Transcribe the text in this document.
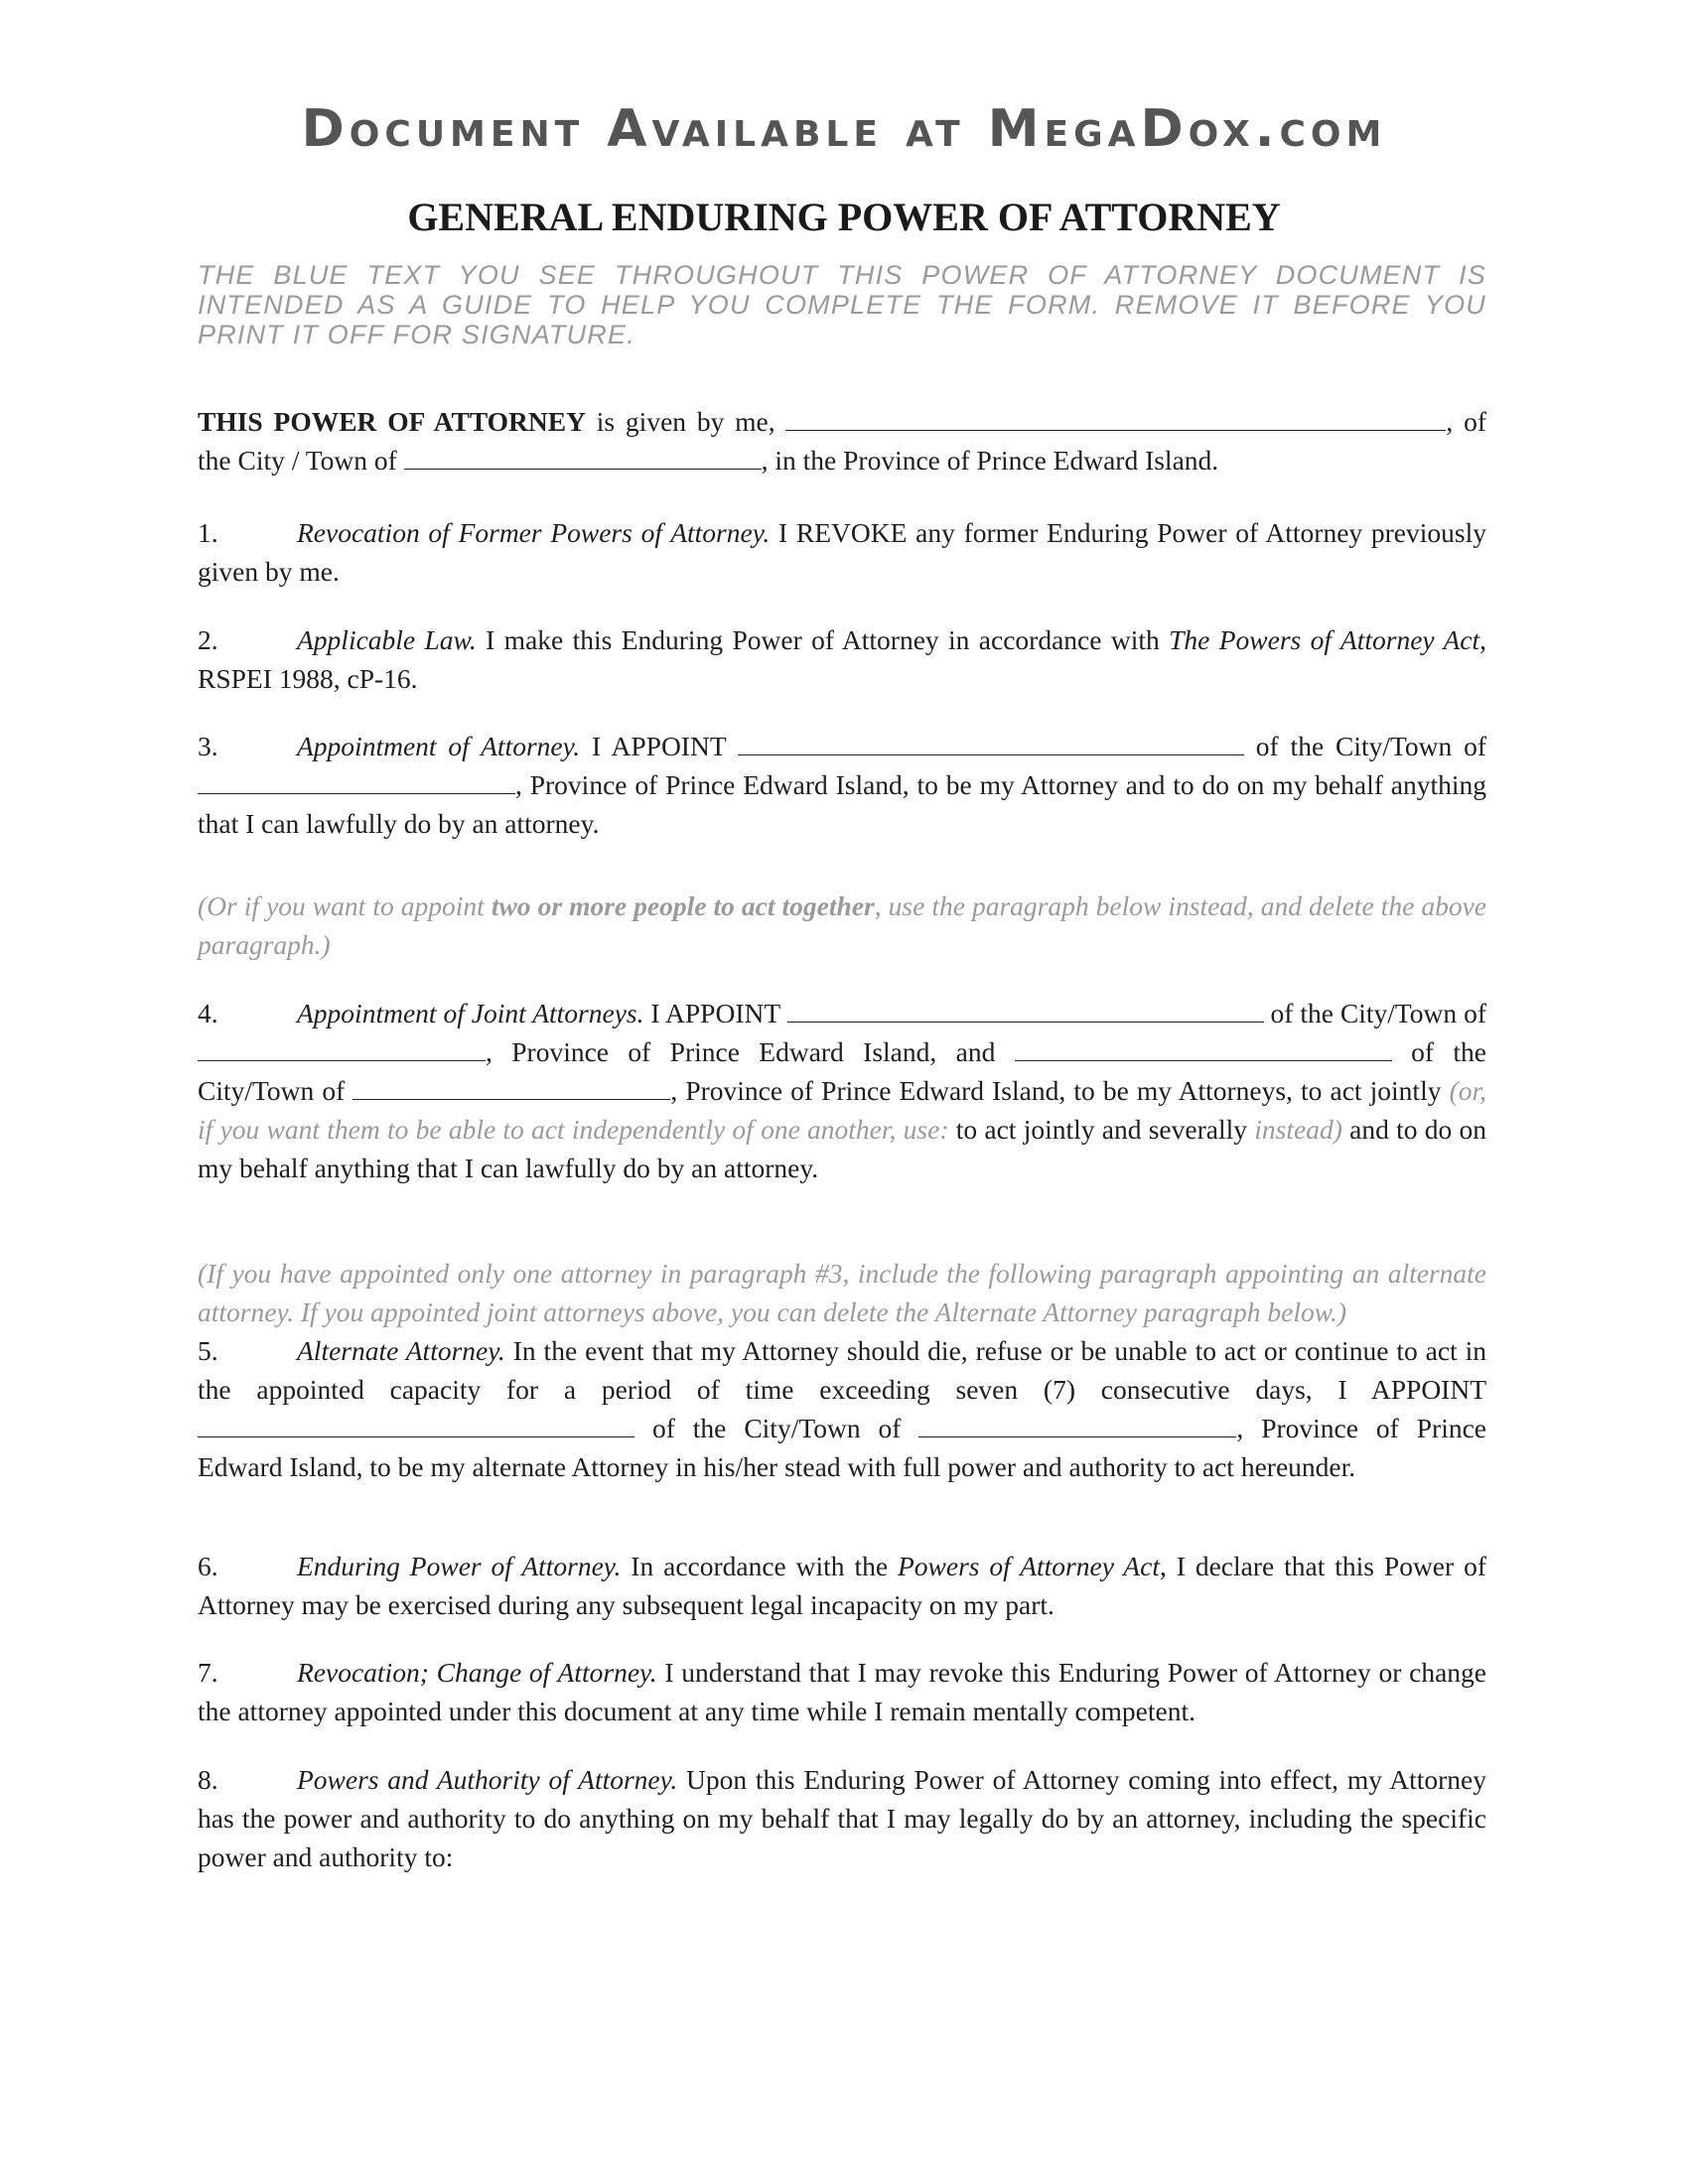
Document Available at MegaDox.com
GENERAL ENDURING POWER OF ATTORNEY
THE BLUE TEXT YOU SEE THROUGHOUT THIS POWER OF ATTORNEY DOCUMENT IS INTENDED AS A GUIDE TO HELP YOU COMPLETE THE FORM. REMOVE IT BEFORE YOU PRINT IT OFF FOR SIGNATURE.

THIS POWER OF ATTORNEY is given by me,	, of the City / Town of	, in the Province of Prince Edward Island.

1.	Revocation of Former Powers of Attorney. I REVOKE any former Enduring Power of Attorney previously given by me.

2.	Applicable Law. I make this Enduring Power of Attorney in accordance with The Powers of Attorney Act, RSPEI 1988, cP-16.

3.	Appointment of Attorney. I APPOINT	of the City/Town of , Province of Prince Edward Island, to be my Attorney and to do on my behalf anything that I can lawfully do by an attorney.

(Or if you want to appoint two or more people to act together, use the paragraph below instead, and delete the above paragraph.)

4.	Appointment of Joint Attorneys. I APPOINT	of the City/Town of , Province of Prince Edward Island, and	of the City/Town of	, Province of Prince Edward Island, to be my Attorneys, to act jointly (or, if you want them to be able to act independently of one another, use: to act jointly and severally instead) and to do on my behalf anything that I can lawfully do by an attorney.

(If you have appointed only one attorney in paragraph #3, include the following paragraph appointing an alternate attorney. If you appointed joint attorneys above, you can delete the Alternate Attorney paragraph below.)

5.	Alternate Attorney. In the event that my Attorney should die, refuse or be unable to act or continue to act in the appointed capacity for a period of time exceeding seven (7) consecutive days, I APPOINT  of the City/Town of	, Province of Prince Edward Island, to be my alternate Attorney in his/her stead with full power and authority to act hereunder.

6.	Enduring Power of Attorney. In accordance with the Powers of Attorney Act, I declare that this Power of Attorney may be exercised during any subsequent legal incapacity on my part.

7.	Revocation; Change of Attorney. I understand that I may revoke this Enduring Power of Attorney or change the attorney appointed under this document at any time while I remain mentally competent.

8.	Powers and Authority of Attorney. Upon this Enduring Power of Attorney coming into effect, my Attorney has the power and authority to do anything on my behalf that I may legally do by an attorney, including the specific power and authority to:
